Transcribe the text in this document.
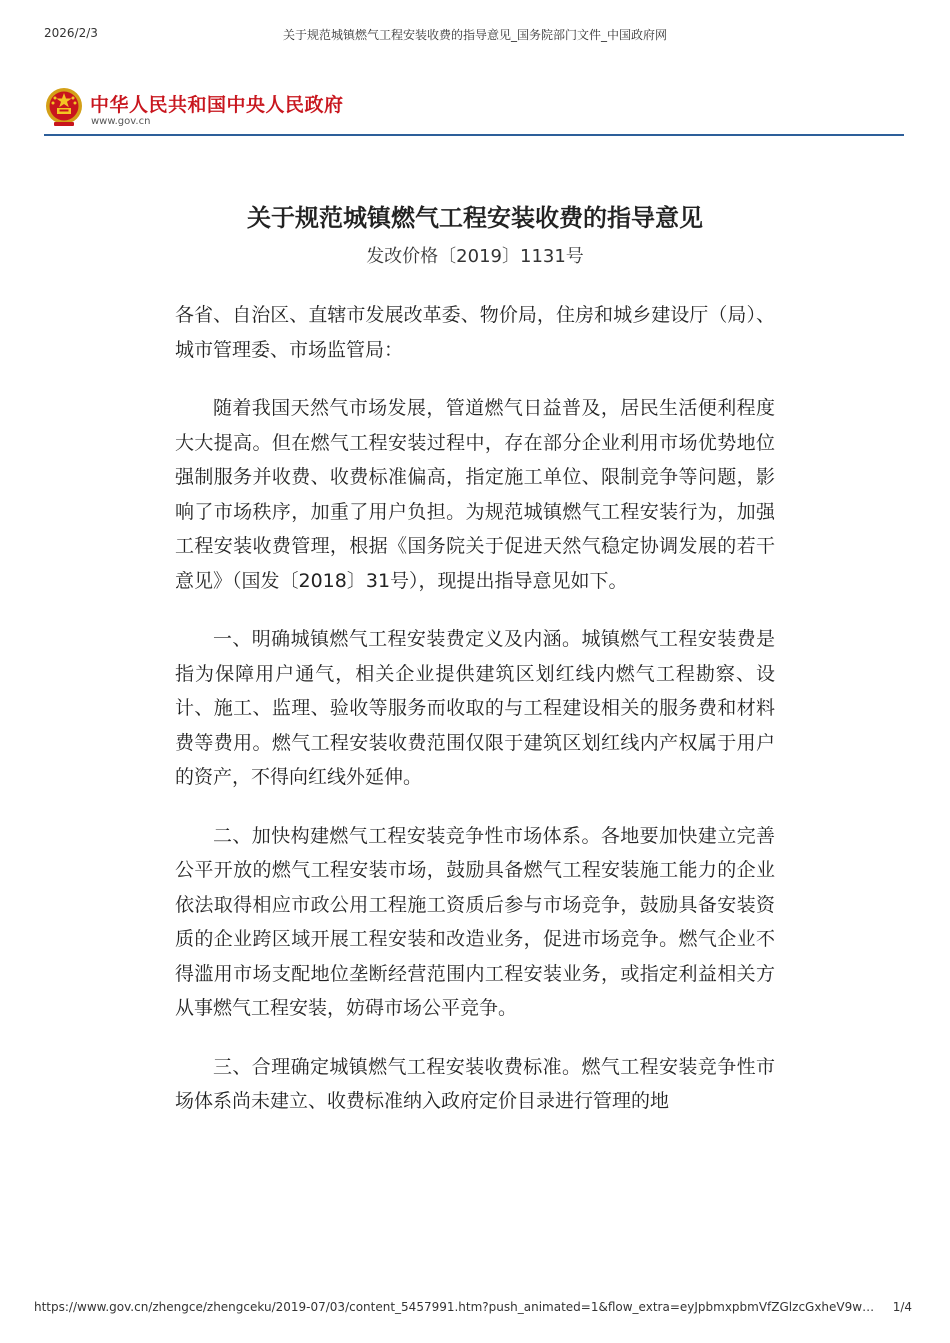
2026/2/3	关于规范城镇燃气工程安装收费的指导意见_国务院部门文件_中国政府网
中华人民共和国中央人民政府
www.gov.cn
关于规范城镇燃气工程安装收费的指导意见
发改价格〔2019〕1131号

各省、自治区、直辖市发展改革委、物价局，住房和城乡建设厅（局）、城市管理委、市场监管局：

随着我国天然气市场发展，管道燃气日益普及，居民生活便利程度大大提高。但在燃气工程安装过程中，存在部分企业利用市场优势地位强制服务并收费、收费标准偏高，指定施工单位、限制竞争等问题，影响了市场秩序，加重了用户负担。为规范城镇燃气工程安装行为，加强工程安装收费管理，根据《国务院关于促进天然气稳定协调发展的若干意见》（国发〔2018〕31号），现提出指导意见如下。

一、明确城镇燃气工程安装费定义及内涵。城镇燃气工程安装费是指为保障用户通气，相关企业提供建筑区划红线内燃气工程勘察、设计、施工、监理、验收等服务而收取的与工程建设相关的服务费和材料费等费用。燃气工程安装收费范围仅限于建筑区划红线内产权属于用户的资产，不得向红线外延伸。

二、加快构建燃气工程安装竞争性市场体系。各地要加快建立完善公平开放的燃气工程安装市场，鼓励具备燃气工程安装施工能力的企业依法取得相应市政公用工程施工资质后参与市场竞争，鼓励具备安装资质的企业跨区域开展工程安装和改造业务，促进市场竞争。燃气企业不得滥用市场支配地位垄断经营范围内工程安装业务，或指定利益相关方从事燃气工程安装，妨碍市场公平竞争。

三、合理确定城镇燃气工程安装收费标准。燃气工程安装竞争性市场体系尚未建立、收费标准纳入政府定价目录进行管理的地

https://www.gov.cn/zhengce/zhengceku/2019-07/03/content_5457991.htm?push_animated=1&flow_extra=eyJpbmxpbmVfZGlzcGxheV9w… 1/4
